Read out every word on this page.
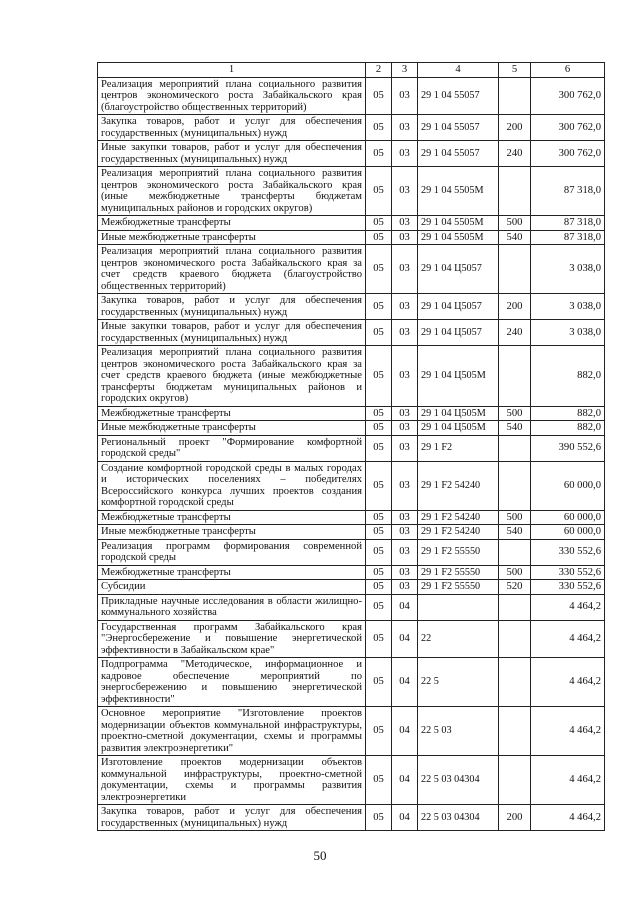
1	2	3	4	5	6
Реализация мероприятий плана социального развития центров экономического роста Забайкальского края (благоустройство общественных территорий)	05	03	29 1 04 55057		300 762,0
Закупка товаров, работ и услуг для обеспечения государственных (муниципальных) нужд	05	03	29 1 04 55057	200	300 762,0
Иные закупки товаров, работ и услуг для обеспечения государственных (муниципальных) нужд	05	03	29 1 04 55057	240	300 762,0
Реализация мероприятий плана социального развития центров экономического роста Забайкальского края (иные межбюджетные трансферты бюджетам муниципальных районов и городских округов)	05	03	29 1 04 5505М		87 318,0
Межбюджетные трансферты	05	03	29 1 04 5505М	500	87 318,0
Иные межбюджетные трансферты	05	03	29 1 04 5505М	540	87 318,0
Реализация мероприятий плана социального развития центров экономического роста Забайкальского края за счет средств краевого бюджета (благоустройство общественных территорий)	05	03	29 1 04 Ц5057		3 038,0
Закупка товаров, работ и услуг для обеспечения государственных (муниципальных) нужд	05	03	29 1 04 Ц5057	200	3 038,0
Иные закупки товаров, работ и услуг для обеспечения государственных (муниципальных) нужд	05	03	29 1 04 Ц5057	240	3 038,0
Реализация мероприятий плана социального развития центров экономического роста Забайкальского края за счет средств краевого бюджета (иные межбюджетные трансферты бюджетам муниципальных районов и городских округов)	05	03	29 1 04 Ц505М		882,0
Межбюджетные трансферты	05	03	29 1 04 Ц505М	500	882,0
Иные межбюджетные трансферты	05	03	29 1 04 Ц505М	540	882,0
Региональный проект "Формирование комфортной городской среды"	05	03	29 1 F2		390 552,6
Создание комфортной городской среды в малых городах и исторических поселениях – победителях Всероссийского конкурса лучших проектов создания комфортной городской среды	05	03	29 1 F2 54240		60 000,0
Межбюджетные трансферты	05	03	29 1 F2 54240	500	60 000,0
Иные межбюджетные трансферты	05	03	29 1 F2 54240	540	60 000,0
Реализация программ формирования современной городской среды	05	03	29 1 F2 55550		330 552,6
Межбюджетные трансферты	05	03	29 1 F2 55550	500	330 552,6
Субсидии	05	03	29 1 F2 55550	520	330 552,6
Прикладные научные исследования в области жилищно-коммунального хозяйства	05	04			4 464,2
Государственная программ Забайкальского края "Энергосбережение и повышение энергетической эффективности в Забайкальском крае"	05	04	22		4 464,2
Подпрограмма "Методическое, информационное и кадровое обеспечение мероприятий по энергосбережению и повышению энергетической эффективности"	05	04	22 5		4 464,2
Основное мероприятие "Изготовление проектов модернизации объектов коммунальной инфраструктуры, проектно-сметной документации, схемы и программы развития электроэнергетики"	05	04	22 5 03		4 464,2
Изготовление проектов модернизации объектов коммунальной инфраструктуры, проектно-сметной документации, схемы и программы развития электроэнергетики	05	04	22 5 03 04304		4 464,2
Закупка товаров, работ и услуг для обеспечения государственных (муниципальных) нужд	05	04	22 5 03 04304	200	4 464,2
50
